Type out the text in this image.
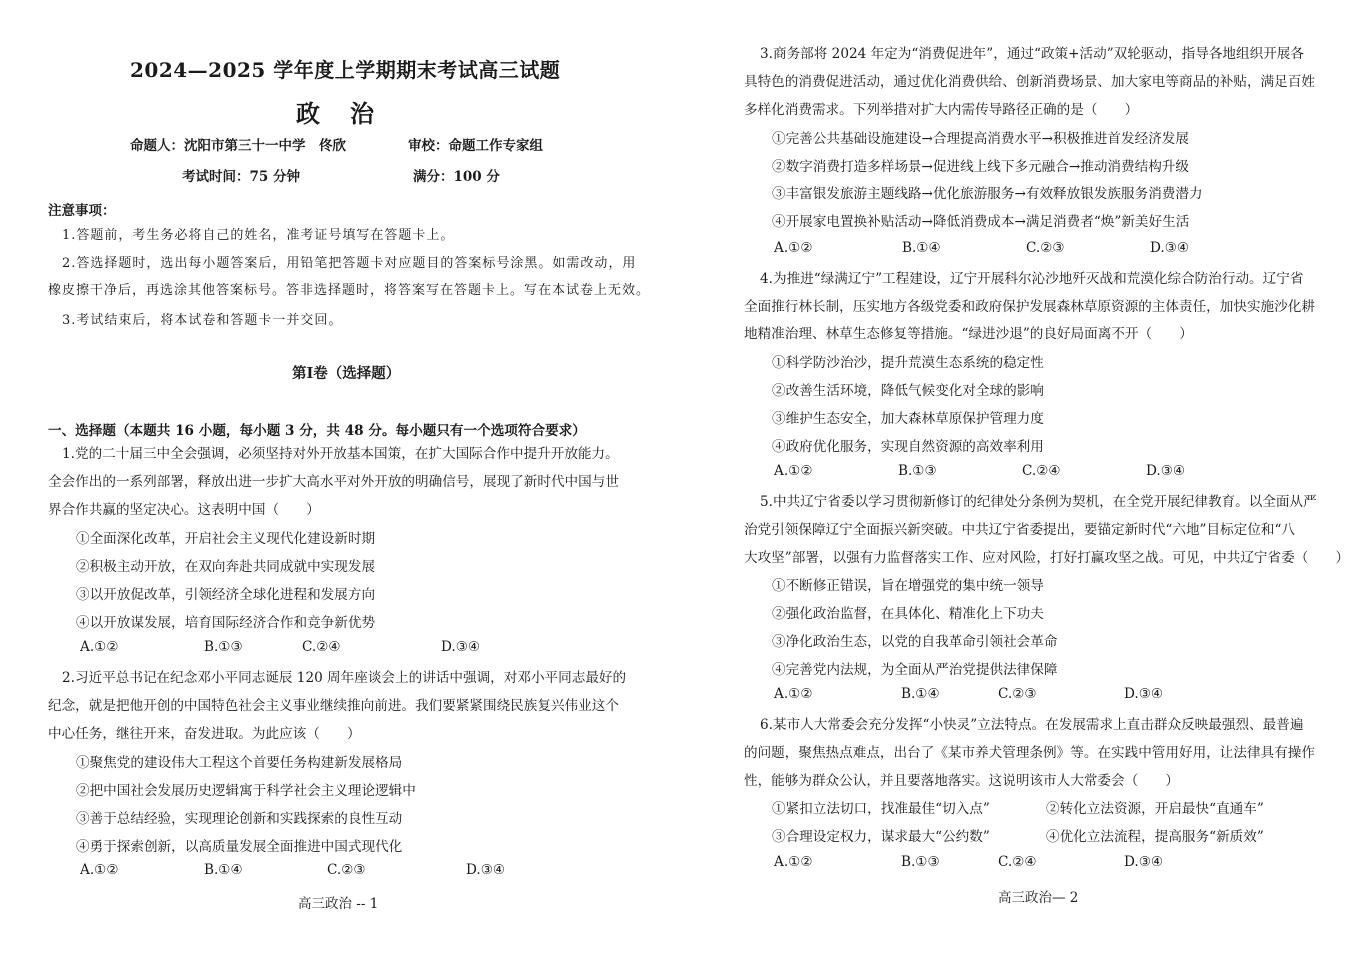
2024—2025 学年度上学期期末考试高三试题
政治
命题人：沈阳市第三十一中学　佟欣	审校：命题工作专家组
考试时间：75 分钟	满分：100 分
注意事项：
1.答题前，考生务必将自己的姓名，准考证号填写在答题卡上。
2.答选择题时，选出每小题答案后，用铅笔把答题卡对应题目的答案标号涂黑。如需改动，用
橡皮擦干净后，再选涂其他答案标号。答非选择题时，将答案写在答题卡上。写在本试卷上无效。
3.考试结束后，将本试卷和答题卡一并交回。
第Ⅰ卷（选择题）
一、选择题（本题共 16 小题，每小题 3 分，共 48 分。每小题只有一个选项符合要求）
1.党的二十届三中全会强调，必须坚持对外开放基本国策，在扩大国际合作中提升开放能力。
全会作出的一系列部署，释放出进一步扩大高水平对外开放的明确信号，展现了新时代中国与世
界合作共赢的坚定决心。这表明中国（　　）
①全面深化改革，开启社会主义现代化建设新时期
②积极主动开放，在双向奔赴共同成就中实现发展
③以开放促改革，引领经济全球化进程和发展方向
④以开放谋发展，培育国际经济合作和竞争新优势
A.①②	B.①③	C.②④	D.③④
2.习近平总书记在纪念邓小平同志诞辰 120 周年座谈会上的讲话中强调，对邓小平同志最好的
纪念，就是把他开创的中国特色社会主义事业继续推向前进。我们要紧紧围绕民族复兴伟业这个
中心任务，继往开来，奋发进取。为此应该（　　）
①聚焦党的建设伟大工程这个首要任务构建新发展格局
②把中国社会发展历史逻辑寓于科学社会主义理论逻辑中
③善于总结经验，实现理论创新和实践探索的良性互动
④勇于探索创新，以高质量发展全面推进中国式现代化
A.①②	B.①④	C.②③	D.③④
高三政治 -- 1
3.商务部将 2024 年定为“消费促进年”，通过“政策+活动”双轮驱动，指导各地组织开展各
具特色的消费促进活动，通过优化消费供给、创新消费场景、加大家电等商品的补贴，满足百姓
多样化消费需求。下列举措对扩大内需传导路径正确的是（　　）
①完善公共基础设施建设→合理提高消费水平→积极推进首发经济发展
②数字消费打造多样场景→促进线上线下多元融合→推动消费结构升级
③丰富银发旅游主题线路→优化旅游服务→有效释放银发族服务消费潜力
④开展家电置换补贴活动→降低消费成本→满足消费者“焕”新美好生活
A.①②	B.①④	C.②③	D.③④
4.为推进“绿满辽宁”工程建设，辽宁开展科尔沁沙地歼灭战和荒漠化综合防治行动。辽宁省
全面推行林长制，压实地方各级党委和政府保护发展森林草原资源的主体责任，加快实施沙化耕
地精准治理、林草生态修复等措施。“绿进沙退”的良好局面离不开（　　）
①科学防沙治沙，提升荒漠生态系统的稳定性
②改善生活环境，降低气候变化对全球的影响
③维护生态安全，加大森林草原保护管理力度
④政府优化服务，实现自然资源的高效率利用
A.①②	B.①③	C.②④	D.③④
5.中共辽宁省委以学习贯彻新修订的纪律处分条例为契机，在全党开展纪律教育。以全面从严
治党引领保障辽宁全面振兴新突破。中共辽宁省委提出，要锚定新时代“六地”目标定位和“八
大攻坚”部署，以强有力监督落实工作、应对风险，打好打赢攻坚之战。可见，中共辽宁省委（　　）
①不断修正错误，旨在增强党的集中统一领导
②强化政治监督，在具体化、精准化上下功夫
③净化政治生态，以党的自我革命引领社会革命
④完善党内法规，为全面从严治党提供法律保障
A.①②	B.①④	C.②③	D.③④
6.某市人大常委会充分发挥“小快灵”立法特点。在发展需求上直击群众反映最强烈、最普遍
的问题，聚焦热点难点，出台了《某市养犬管理条例》等。在实践中管用好用，让法律具有操作
性，能够为群众公认，并且要落地落实。这说明该市人大常委会（　　）
①紧扣立法切口，找准最佳“切入点”	②转化立法资源，开启最快“直通车”
③合理设定权力，谋求最大“公约数”	④优化立法流程，提高服务“新质效”
A.①②	B.①③	C.②④	D.③④
高三政治— 2
